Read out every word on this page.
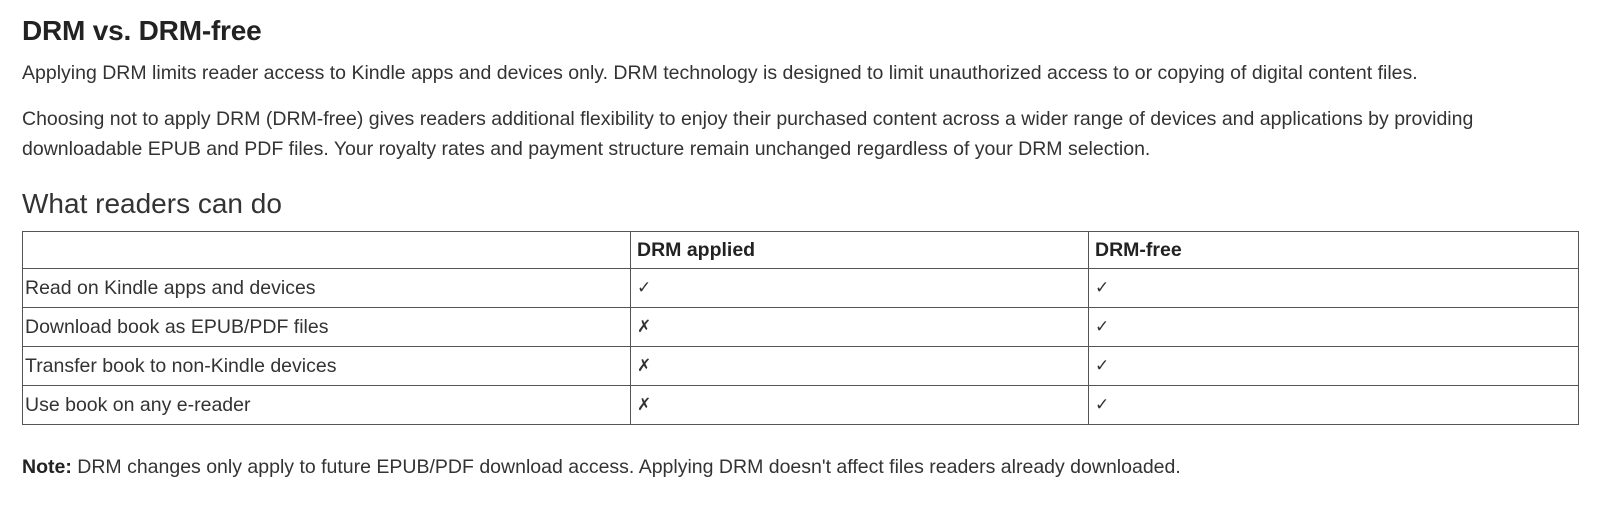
DRM vs. DRM-free

Applying DRM limits reader access to Kindle apps and devices only. DRM technology is designed to limit unauthorized access to or copying of digital content files.

Choosing not to apply DRM (DRM-free) gives readers additional flexibility to enjoy their purchased content across a wider range of devices and applications by providing downloadable EPUB and PDF files. Your royalty rates and payment structure remain unchanged regardless of your DRM selection.

What readers can do
	DRM applied	DRM-free
Read on Kindle apps and devices	✓	✓
Download book as EPUB/PDF files	✗	✓
Transfer book to non-Kindle devices	✗	✓
Use book on any e-reader	✗	✓

Note: DRM changes only apply to future EPUB/PDF download access. Applying DRM doesn't affect files readers already downloaded.
